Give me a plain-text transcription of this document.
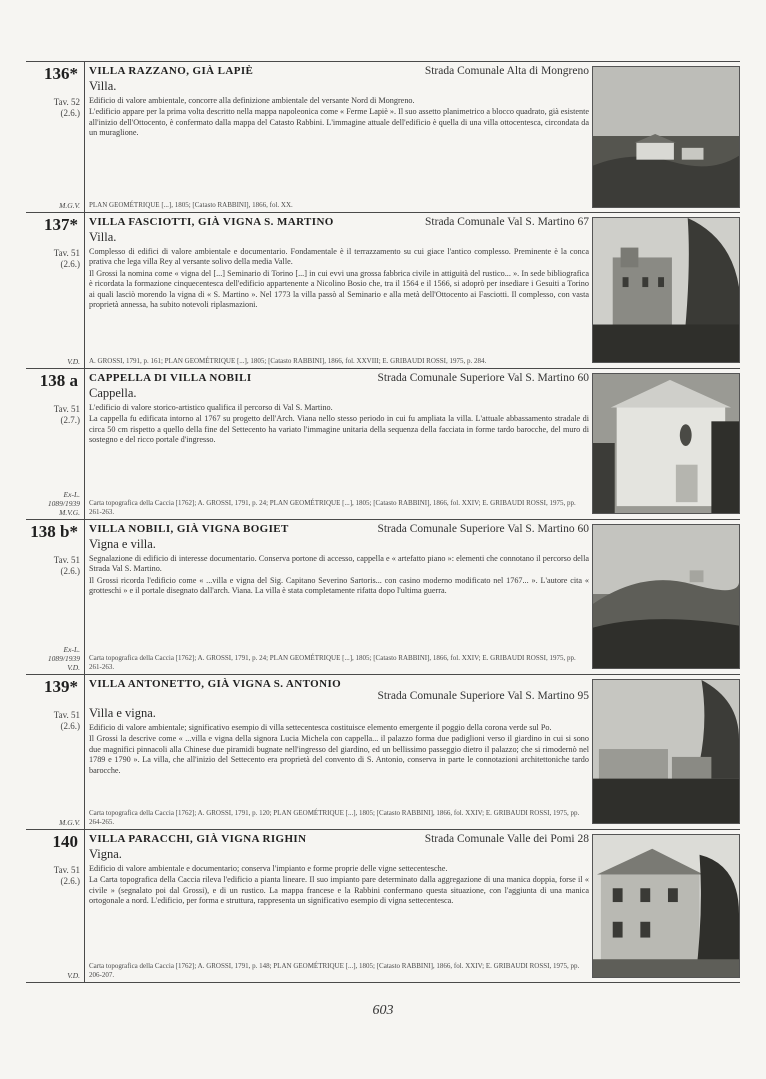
136*
Tav. 52
(2.6.)
M.G.V.
VILLA RAZZANO, GIÀ LAPIÈ	Strada Comunale Alta di Mongreno
Villa.

Edificio di valore ambientale, concorre alla definizione ambientale del versante Nord di Mongreno.

L'edificio appare per la prima volta descritto nella mappa napoleonica come « Ferme Lapiè ». Il suo assetto planimetrico a blocco quadrato, già esistente all'inizio dell'Ottocento, è confermato dalla mappa del Catasto Rabbini. L'immagine attuale dell'edificio è quella di una villa ottocentesca, circondata da un muraglione.

PLAN GEOMÉTRIQUE [...], 1805; [Catasto RABBINI], 1866, fol. XX.
137*
Tav. 51
(2.6.)
V.D.
VILLA FASCIOTTI, GIÀ VIGNA S. MARTINO	Strada Comunale Val S. Martino 67
Villa.

Complesso di edifici di valore ambientale e documentario. Fondamentale è il terrazzamento su cui giace l'antico complesso. Preminente è la conca prativa che lega villa Rey al versante solivo della media Valle.

Il Grossi la nomina come « vigna del [...] Seminario di Torino [...] in cui evvi una grossa fabbrica civile in attiguità del rustico... ». In sede bibliografica è ricordata la formazione cinquecentesca dell'edificio appartenente a Nicolino Bosio che, tra il 1564 e il 1566, si adoprò per insediare i Gesuiti a Torino ai quali lasciò morendo la vigna di « S. Martino ». Nel 1773 la villa passò al Seminario e alla metà dell'Ottocento ai Fasciotti. Il complesso, con vasta proprietà annessa, ha subito notevoli riplasmazioni.

A. GROSSI, 1791, p. 161; PLAN GEOMÉTRIQUE [...], 1805; [Catasto RABBINI], 1866, fol. XXVIII; E. GRIBAUDI ROSSI, 1975, p. 284.
138 a
Tav. 51
(2.7.)
Ex-L.
1089/1939
M.V.G.
CAPPELLA DI VILLA NOBILI	Strada Comunale Superiore Val S. Martino 60
Cappella.

L'edificio di valore storico-artistico qualifica il percorso di Val S. Martino.

La cappella fu edificata intorno al 1767 su progetto dell'Arch. Viana nello stesso periodo in cui fu ampliata la villa. L'attuale abbassamento stradale di circa 50 cm rispetto a quello della fine del Settecento ha variato l'immagine unitaria della sequenza della facciata in forme tardo barocche, del muro di sostegno e del ricco portale d'ingresso.

Carta topografica della Caccia [1762]; A. GROSSI, 1791, p. 24; PLAN GEOMÉTRIQUE [...], 1805; [Catasto RABBINI], 1866, fol. XXIV; E. GRIBAUDI ROSSI, 1975, pp. 261-263.
138 b*
Tav. 51
(2.6.)
Ex-L.
1089/1939
V.D.
VILLA NOBILI, GIÀ VIGNA BOGIET	Strada Comunale Superiore Val S. Martino 60
Vigna e villa.

Segnalazione di edificio di interesse documentario. Conserva portone di accesso, cappella e « artefatto piano »: elementi che connotano il percorso della Strada Val S. Martino.

Il Grossi ricorda l'edificio come « ...villa e vigna del Sig. Capitano Severino Sartoris... con casino moderno modificato nel 1767... ». L'autore cita « grotteschi » e il portale disegnato dall'arch. Viana. La villa è stata completamente rifatta dopo l'ultima guerra.

Carta topografica della Caccia [1762]; A. GROSSI, 1791, p. 24; PLAN GEOMÉTRIQUE [...], 1805; [Catasto RABBINI], 1866, fol. XXIV; E. GRIBAUDI ROSSI, 1975, pp. 261-263.
139*
Tav. 51
(2.6.)
M.G.V.
VILLA ANTONETTO, GIÀ VIGNA S. ANTONIO
Strada Comunale Superiore Val S. Martino 95
Villa e vigna.

Edificio di valore ambientale; significativo esempio di villa settecentesca costituisce elemento emergente il poggio della corona verde sul Po.

Il Grossi la descrive come « ...villa e vigna della signora Lucia Michela con cappella... il palazzo forma due padiglioni verso il giardino in cui si sono due magnifici pinnacoli alla Chinese due piramidi bugnate nell'ingresso del giardino, ed un bellissimo passeggio dietro il palazzo; che si rimodernò nel 1789 e 1790 ». La villa, che all'inizio del Settecento era proprietà del convento di S. Antonio, conserva in parte le connotazioni architettoniche tardo barocche.

Carta topografica della Caccia [1762]; A. GROSSI, 1791, p. 120; PLAN GEOMÉTRIQUE [...], 1805; [Catasto RABBINI], 1866, fol. XXIV; E. GRIBAUDI ROSSI, 1975, pp. 264-265.
140
Tav. 51
(2.6.)
V.D.
VILLA PARACCHI, GIÀ VIGNA RIGHIN	Strada Comunale Valle dei Pomi 28
Vigna.

Edificio di valore ambientale e documentario; conserva l'impianto e forme proprie delle vigne settecentesche.

La Carta topografica della Caccia rileva l'edificio a pianta lineare. Il suo impianto pare determinato dalla aggregazione di una manica doppia, forse il « civile » (segnalato poi dal Grossi), e di un rustico. La mappa francese e la Rabbini confermano questa situazione, con l'aggiunta di una manica ortogonale a nord. L'edificio, per forma e struttura, rappresenta un significativo esempio di vigna settecentesca.

Carta topografica della Caccia [1762]; A. GROSSI, 1791, p. 148; PLAN GEOMÉTRIQUE [...], 1805; [Catasto RABBINI], 1866, fol. XXIV; E. GRIBAUDI ROSSI, 1975, pp. 206-207.
603
